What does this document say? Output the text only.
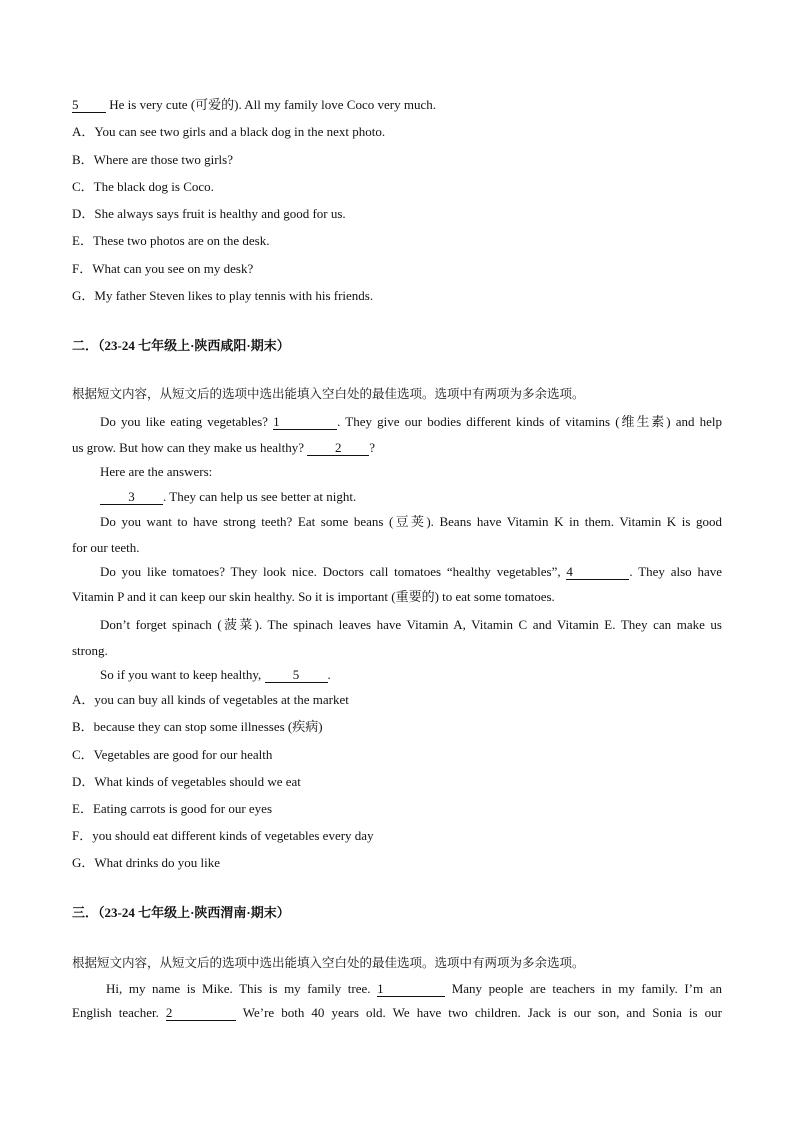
5 He is very cute (可爱的). All my family love Coco very much.
A．You can see two girls and a black dog in the next photo.
B．Where are those two girls?
C．The black dog is Coco.
D．She always says fruit is healthy and good for us.
E．These two photos are on the desk.
F．What can you see on my desk?
G．My father Steven likes to play tennis with his friends.
二．（23-24 七年级上·陕西咸阳·期末）
根据短文内容，从短文后的选项中选出能填入空白处的最佳选项。选项中有两项为多余选项。
Do you like eating vegetables? 1	. They give our bodies different kinds of vitamins (维生素) and help
us grow. But how can they make us healthy? 2 ?
Here are the answers:
3 . They can help us see better at night.
Do you want to have strong teeth? Eat some beans (豆荚). Beans have Vitamin K in them. Vitamin K is good
for our teeth.
Do you like tomatoes? They look nice. Doctors call tomatoes “healthy vegetables”, 4	. They also have
Vitamin P and it can keep our skin healthy. So it is important (重要的) to eat some tomatoes.
Don’t forget spinach (菠菜). The spinach leaves have Vitamin A, Vitamin C and Vitamin E. They can make us
strong.
So if you want to keep healthy, 5 .
A．you can buy all kinds of vegetables at the market
B．because they can stop some illnesses (疾病)
C．Vegetables are good for our health
D．What kinds of vegetables should we eat
E．Eating carrots is good for our eyes
F．you should eat different kinds of vegetables every day
G．What drinks do you like
三．（23-24 七年级上·陕西渭南·期末）
根据短文内容，从短文后的选项中选出能填入空白处的最佳选项。选项中有两项为多余选项。
Hi, my name is Mike. This is my family tree. 1	Many people are teachers in my family. I’m an
English teacher. 2	We’re both 40 years old. We have two children. Jack is our son, and Sonia is our
